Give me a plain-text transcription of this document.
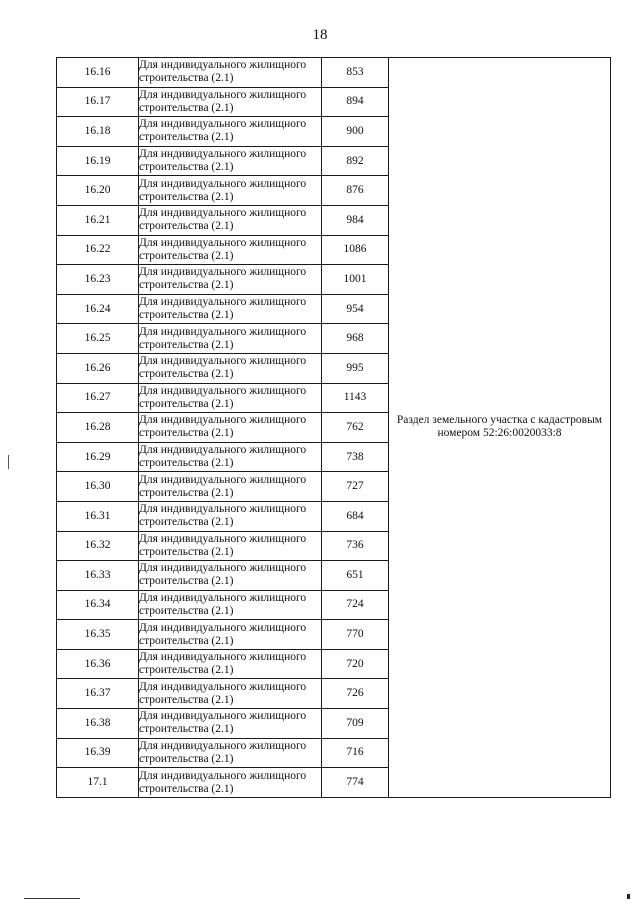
18
16.16	Для индивидуального жилищного строительства (2.1)	853	Раздел земельного участка с кадастровым номером 52:26:0020033:8
16.17	Для индивидуального жилищного строительства (2.1)	894	
16.18	Для индивидуального жилищного строительства (2.1)	900	
16.19	Для индивидуального жилищного строительства (2.1)	892	
16.20	Для индивидуального жилищного строительства (2.1)	876	
16.21	Для индивидуального жилищного строительства (2.1)	984	
16.22	Для индивидуального жилищного строительства (2.1)	1086	
16.23	Для индивидуального жилищного строительства (2.1)	1001	
16.24	Для индивидуального жилищного строительства (2.1)	954	
16.25	Для индивидуального жилищного строительства (2.1)	968	
16.26	Для индивидуального жилищного строительства (2.1)	995	
16.27	Для индивидуального жилищного строительства (2.1)	1143	
16.28	Для индивидуального жилищного строительства (2.1)	762	
16.29	Для индивидуального жилищного строительства (2.1)	738	
16.30	Для индивидуального жилищного строительства (2.1)	727	
16.31	Для индивидуального жилищного строительства (2.1)	684	
16.32	Для индивидуального жилищного строительства (2.1)	736	
16.33	Для индивидуального жилищного строительства (2.1)	651	
16.34	Для индивидуального жилищного строительства (2.1)	724	
16.35	Для индивидуального жилищного строительства (2.1)	770	
16.36	Для индивидуального жилищного строительства (2.1)	720	
16.37	Для индивидуального жилищного строительства (2.1)	726	
16.38	Для индивидуального жилищного строительства (2.1)	709	
16.39	Для индивидуального жилищного строительства (2.1)	716	
17.1	Для индивидуального жилищного строительства (2.1)	774	
